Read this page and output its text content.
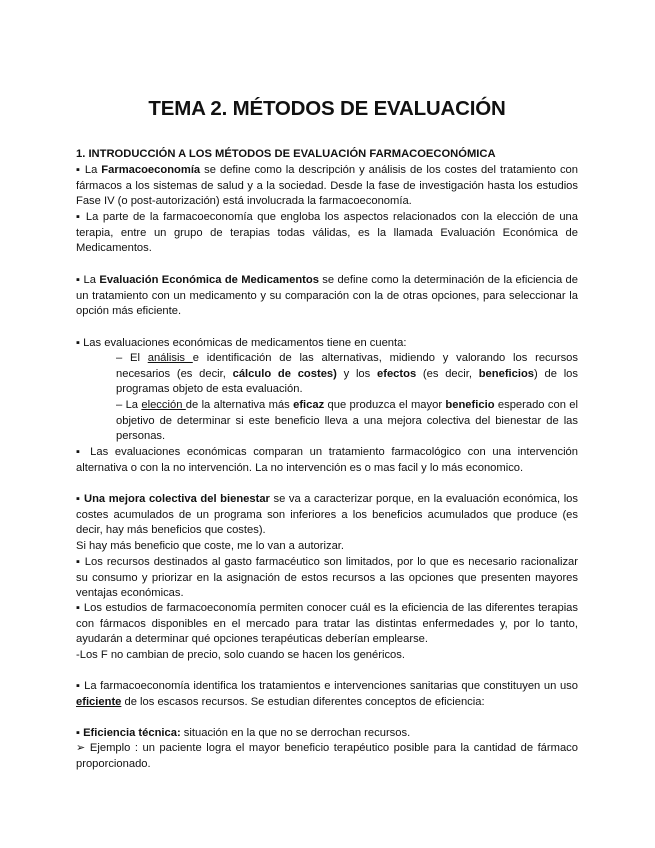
TEMA 2. MÉTODOS DE EVALUACIÓN

1. INTRODUCCIÓN A LOS MÉTODOS DE EVALUACIÓN FARMACOECONÓMICA

▪ La Farmacoeconomía se define como la descripción y análisis de los costes del tratamiento con fármacos a los sistemas de salud y a la sociedad. Desde la fase de investigación hasta los estudios Fase IV (o post-autorización) está involucrada la farmacoeconomía.

▪ La parte de la farmacoeconomía que engloba los aspectos relacionados con la elección de una terapia, entre un grupo de terapias todas válidas, es la llamada Evaluación Económica de Medicamentos.

▪ La Evaluación Económica de Medicamentos se define como la determinación de la eficiencia de un tratamiento con un medicamento y su comparación con la de otras opciones, para seleccionar la opción más eficiente.

▪ Las evaluaciones económicas de medicamentos tiene en cuenta:

– El análisis e identificación de las alternativas, midiendo y valorando los recursos necesarios (es decir, cálculo de costes) y los efectos (es decir, beneficios) de los programas objeto de esta evaluación.

– La elección de la alternativa más eficaz que produzca el mayor beneficio esperado con el objetivo de determinar si este beneficio lleva a una mejora colectiva del bienestar de las personas.

▪ Las evaluaciones económicas comparan un tratamiento farmacológico con una intervención alternativa o con la no intervención. La no intervención es o mas facil y lo más economico.

▪ Una mejora colectiva del bienestar se va a caracterizar porque, en la evaluación económica, los costes acumulados de un programa son inferiores a los beneficios acumulados que produce (es decir, hay más beneficios que costes).

Si hay más beneficio que coste, me lo van a autorizar.

▪ Los recursos destinados al gasto farmacéutico son limitados, por lo que es necesario racionalizar su consumo y priorizar en la asignación de estos recursos a las opciones que presenten mayores ventajas económicas.

▪ Los estudios de farmacoeconomía permiten conocer cuál es la eficiencia de las diferentes terapias con fármacos disponibles en el mercado para tratar las distintas enfermedades y, por lo tanto, ayudarán a determinar qué opciones terapéuticas deberían emplearse.

-Los F no cambian de precio, solo cuando se hacen los genéricos.

▪ La farmacoeconomía identifica los tratamientos e intervenciones sanitarias que constituyen un uso eficiente de los escasos recursos. Se estudian diferentes conceptos de eficiencia:

▪ Eficiencia técnica: situación en la que no se derrochan recursos.

➢ Ejemplo : un paciente logra el mayor beneficio terapéutico posible para la cantidad de fármaco proporcionado.
